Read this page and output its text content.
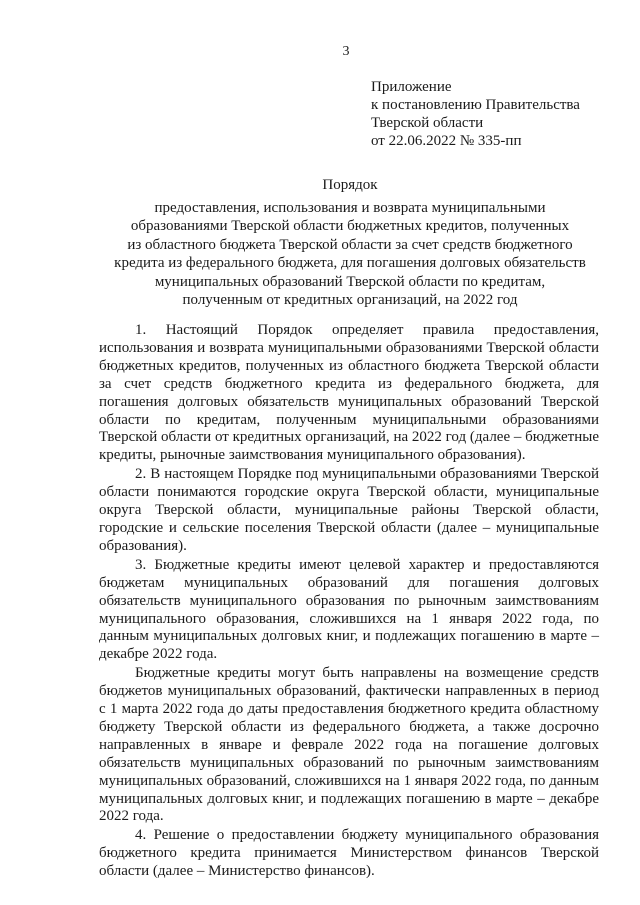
3
Приложение
к постановлению Правительства
Тверской области
от 22.06.2022 № 335-пп
Порядок
предоставления, использования и возврата муниципальными
образованиями Тверской области бюджетных кредитов, полученных
из областного бюджета Тверской области за счет средств бюджетного
кредита из федерального бюджета, для погашения долговых обязательств
муниципальных образований Тверской области по кредитам,
полученным от кредитных организаций, на 2022 год

1. Настоящий Порядок определяет правила предоставления, использования и возврата муниципальными образованиями Тверской области бюджетных кредитов, полученных из областного бюджета Тверской области за счет средств бюджетного кредита из федерального бюджета, для погашения долговых обязательств муниципальных образований Тверской области по кредитам, полученным муниципальными образованиями Тверской области от кредитных организаций, на 2022 год (далее – бюджетные кредиты, рыночные заимствования муниципального образования).

2. В настоящем Порядке под муниципальными образованиями Тверской области понимаются городские округа Тверской области, муниципальные округа Тверской области, муниципальные районы Тверской области, городские и сельские поселения Тверской области (далее – муниципальные образования).

3. Бюджетные кредиты имеют целевой характер и предоставляются бюджетам муниципальных образований для погашения долговых обязательств муниципального образования по рыночным заимствованиям муниципального образования, сложившихся на 1 января 2022 года, по данным муниципальных долговых книг, и подлежащих погашению в марте – декабре 2022 года.

Бюджетные кредиты могут быть направлены на возмещение средств бюджетов муниципальных образований, фактически направленных в период с 1 марта 2022 года до даты предоставления бюджетного кредита областному бюджету Тверской области из федерального бюджета, а также досрочно направленных в январе и феврале 2022 года на погашение долговых обязательств муниципальных образований по рыночным заимствованиям муниципальных образований, сложившихся на 1 января 2022 года, по данным муниципальных долговых книг, и подлежащих погашению в марте – декабре 2022 года.

4. Решение о предоставлении бюджету муниципального образования бюджетного кредита принимается Министерством финансов Тверской области (далее – Министерство финансов).
